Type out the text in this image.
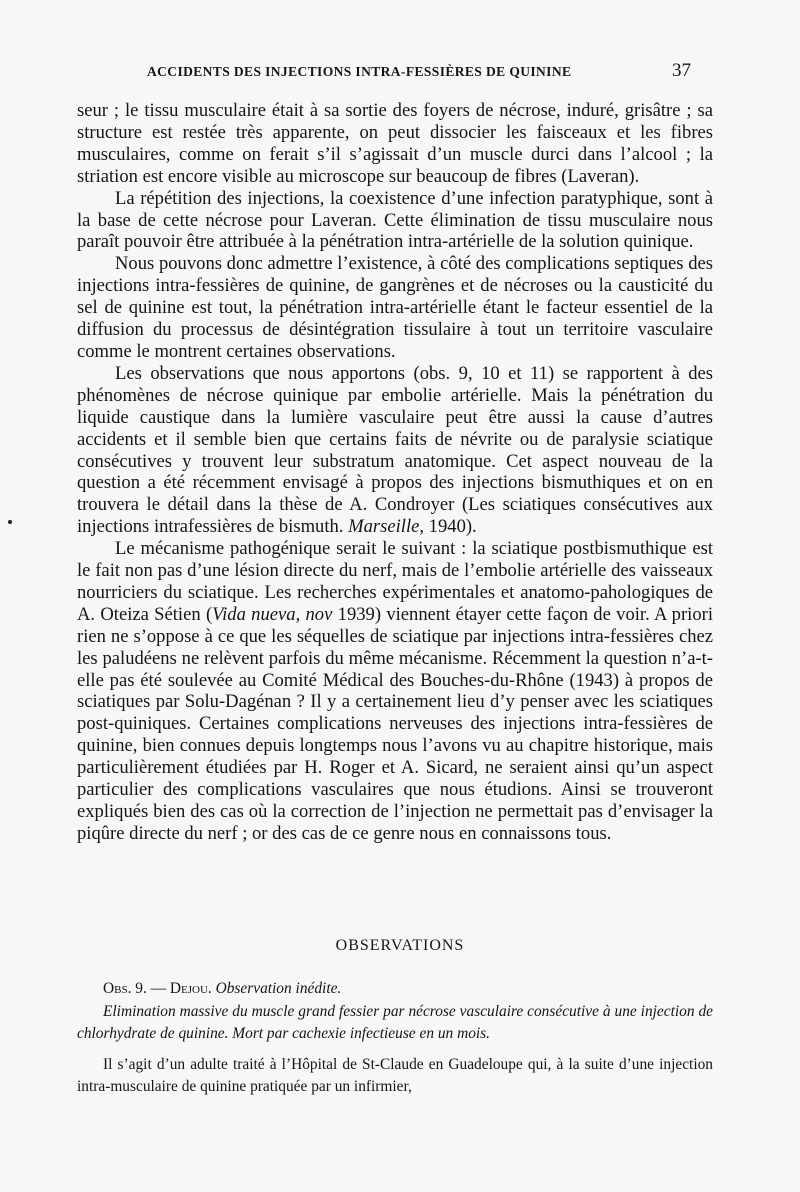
ACCIDENTS DES INJECTIONS INTRA-FESSIÈRES DE QUININE	37

seur ; le tissu musculaire était à sa sortie des foyers de nécrose, induré, grisâtre ; sa structure est restée très apparente, on peut dissocier les faisceaux et les fibres musculaires, comme on ferait s’il s’agissait d’un muscle durci dans l’alcool ; la striation est encore visible au microscope sur beaucoup de fibres (Laveran).

La répétition des injections, la coexistence d’une infection paratyphique, sont à la base de cette nécrose pour Laveran. Cette élimination de tissu musculaire nous paraît pouvoir être attribuée à la pénétration intra-artérielle de la solution quinique.

Nous pouvons donc admettre l’existence, à côté des complications septiques des injections intra-fessières de quinine, de gangrènes et de nécroses ou la causticité du sel de quinine est tout, la pénétration intra-artérielle étant le facteur essentiel de la diffusion du processus de désintégration tissulaire à tout un territoire vasculaire comme le montrent certaines observations.

Les observations que nous apportons (obs. 9, 10 et 11) se rapportent à des phénomènes de nécrose quinique par embolie artérielle. Mais la pénétration du liquide caustique dans la lumière vasculaire peut être aussi la cause d’autres accidents et il semble bien que certains faits de névrite ou de paralysie sciatique consécutives y trouvent leur substratum anatomique. Cet aspect nouveau de la question a été récemment envisagé à propos des injections bismuthiques et on en trouvera le détail dans la thèse de A. Condroyer (Les sciatiques consécutives aux injections intrafessières de bismuth. Marseille, 1940).

Le mécanisme pathogénique serait le suivant : la sciatique postbismuthique est le fait non pas d’une lésion directe du nerf, mais de l’embolie artérielle des vaisseaux nourriciers du sciatique. Les recherches expérimentales et anatomo-pahologiques de A. Oteiza Sétien (Vida nueva, nov 1939) viennent étayer cette façon de voir. A priori rien ne s’oppose à ce que les séquelles de sciatique par injections intra-fessières chez les paludéens ne relèvent parfois du même mécanisme. Récemment la question n’a-t-elle pas été soulevée au Comité Médical des Bouches-du-Rhône (1943) à propos de sciatiques par Solu-Dagénan ? Il y a certainement lieu d’y penser avec les sciatiques post-quiniques. Certaines complications nerveuses des injections intra-fessières de quinine, bien connues depuis longtemps nous l’avons vu au chapitre historique, mais particulièrement étudiées par H. Roger et A. Sicard, ne seraient ainsi qu’un aspect particulier des complications vasculaires que nous étudions. Ainsi se trouveront expliqués bien des cas où la correction de l’injection ne permettait pas d’envisager la piqûre directe du nerf ; or des cas de ce genre nous en connaissons tous.

OBSERVATIONS

Obs. 9. — Dejou. Observation inédite.

Elimination massive du muscle grand fessier par nécrose vasculaire consécutive à une injection de chlorhydrate de quinine. Mort par cachexie infectieuse en un mois.

Il s’agit d’un adulte traité à l’Hôpital de St-Claude en Guadeloupe qui, à la suite d’une injection intra-musculaire de quinine pratiquée par un infirmier,
